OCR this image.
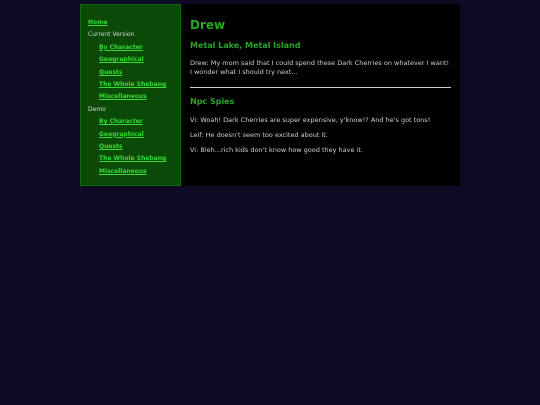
Home
Current Version
By Character
Geographical
Quests
The Whole Shebang
Miscellaneous
Demo
By Character
Geographical
Quests
The Whole Shebang
Miscellaneous
Drew
Metal Lake, Metal Island

Drew: My mom said that I could spend these Dark Cherries on whatever I want! I wonder what I should try next...

Npc Spies

Vi: Woah! Dark Cherries are super expensive, y'know!? And he's got tons!

Leif: He doesn't seem too excited about it.

Vi: Bleh...rich kids don't know how good they have it.
